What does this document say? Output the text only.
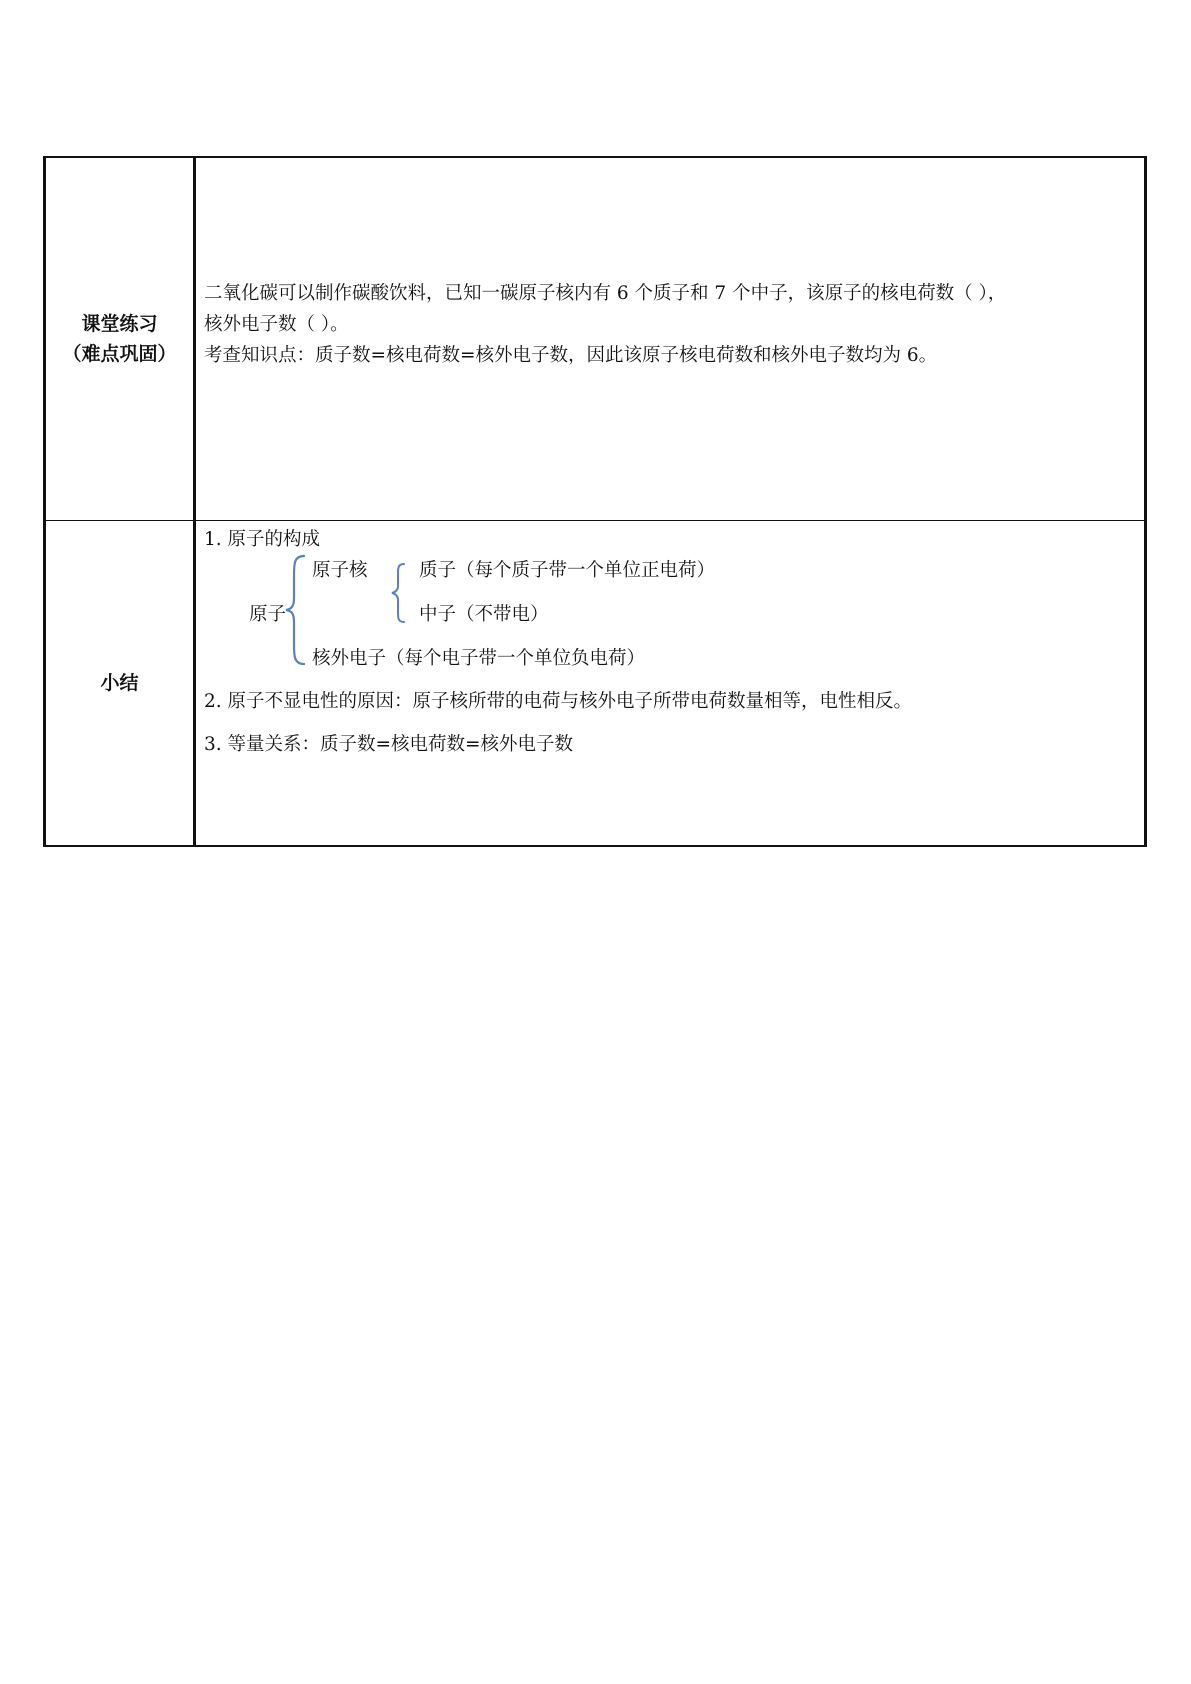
课堂练习
（难点巩固）
二氧化碳可以制作碳酸饮料，已知一碳原子核内有 6 个质子和 7 个中子，该原子的核电荷数（ ），
核外电子数（ ）。
考查知识点：质子数=核电荷数=核外电子数，因此该原子核电荷数和核外电子数均为 6。
小结
1. 原子的构成
原子
原子核	质子（每个质子带一个单位正电荷）
中子（不带电）
核外电子（每个电子带一个单位负电荷）
2. 原子不显电性的原因：原子核所带的电荷与核外电子所带电荷数量相等，电性相反。
3. 等量关系：质子数=核电荷数=核外电子数
